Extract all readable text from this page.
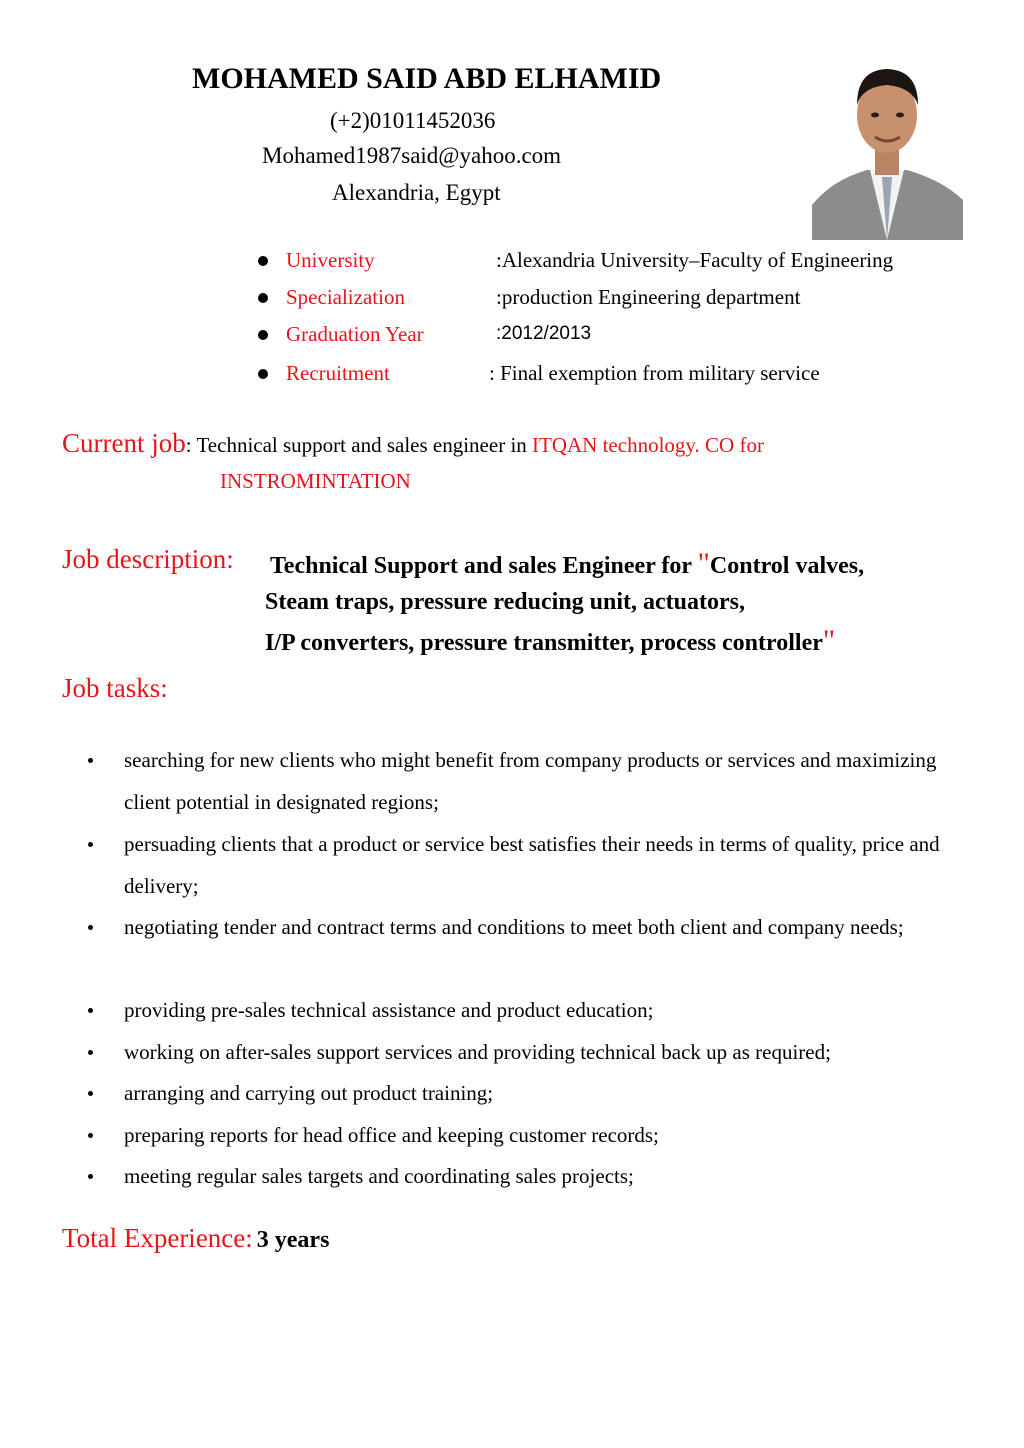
MOHAMED SAID ABD ELHAMID
(+2)01011452036
Mohamed1987said@yahoo.com
Alexandria, Egypt
University	:Alexandria University–Faculty of Engineering
Specialization	:production Engineering department
Graduation Year	:2012/2013
Recruitment	: Final exemption from military service
Current job: Technical support and sales engineer in ITQAN technology. CO for
INSTROMINTATION
Job description: Technical Support and sales Engineer for "Control valves,
Steam traps, pressure reducing unit, actuators,
I/P converters, pressure transmitter, process controller"
Job tasks:
searching for new clients who might benefit from company products or services and maximizing client potential in designated regions;
persuading clients that a product or service best satisfies their needs in terms of quality, price and delivery;
negotiating tender and contract terms and conditions to meet both client and company needs;
providing pre-sales technical assistance and product education;
working on after-sales support services and providing technical back up as required;
arranging and carrying out product training;
preparing reports for head office and keeping customer records;
meeting regular sales targets and coordinating sales projects;
Total Experience: 3 years
